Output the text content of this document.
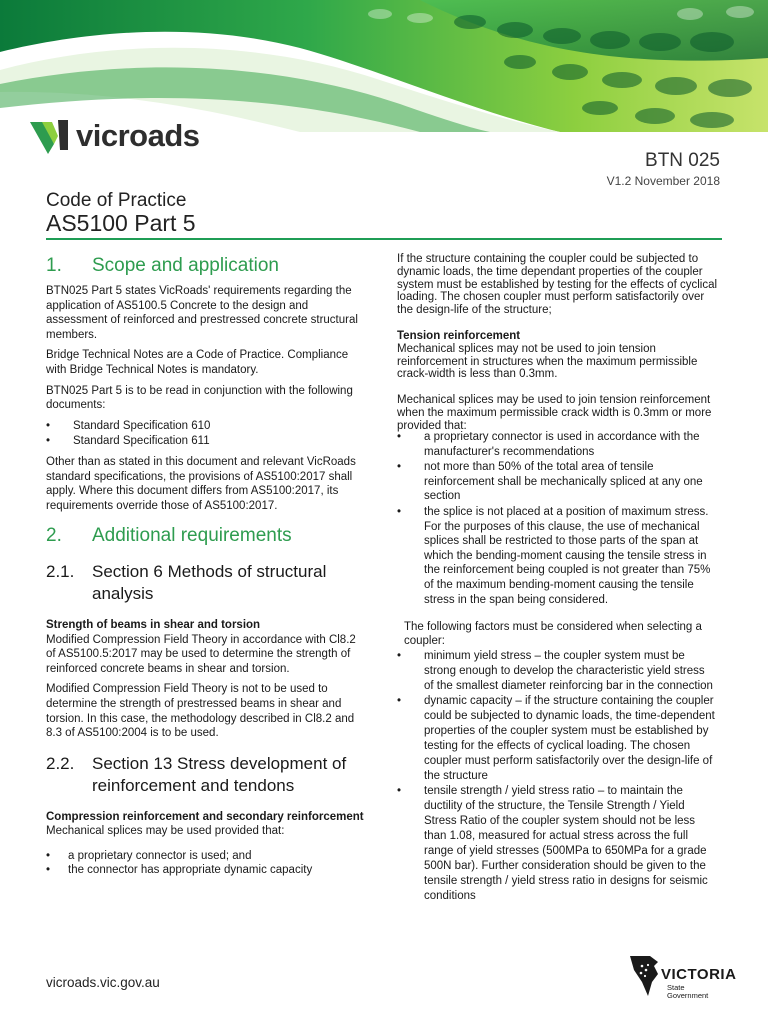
vicroads
BTN 025
V1.2 November 2018
Code of Practice
AS5100 Part 5
1. Scope and application

BTN025 Part 5 states VicRoads' requirements regarding the application of AS5100.5 Concrete to the design and assessment of reinforced and prestressed concrete structural members.

Bridge Technical Notes are a Code of Practice. Compliance with Bridge Technical Notes is mandatory.

BTN025 Part 5 is to be read in conjunction with the following documents:

• Standard Specification 610
• Standard Specification 611

Other than as stated in this document and relevant VicRoads standard specifications, the provisions of AS5100:2017 shall apply. Where this document differs from AS5100:2017, its requirements override those of AS5100:2017.

2. Additional requirements
2.1. Section 6 Methods of structural analysis

Strength of beams in shear and torsion

Modified Compression Field Theory in accordance with Cl8.2 of AS5100.5:2017 may be used to determine the strength of reinforced concrete beams in shear and torsion.

Modified Compression Field Theory is not to be used to determine the strength of prestressed beams in shear and torsion. In this case, the methodology described in Cl8.2 and 8.3 of AS5100:2004 is to be used.

2.2. Section 13 Stress development of reinforcement and tendons

Compression reinforcement and secondary reinforcement

Mechanical splices may be used provided that:

• a proprietary connector is used; and
• the connector has appropriate dynamic capacity

If the structure containing the coupler could be subjected to dynamic loads, the time dependant properties of the coupler system must be established by testing for the effects of cyclical loading. The chosen coupler must perform satisfactorily over the design-life of the structure;

Tension reinforcement

Mechanical splices may not be used to join tension reinforcement in structures when the maximum permissible crack-width is less than 0.3mm.

Mechanical splices may be used to join tension reinforcement when the maximum permissible crack width is 0.3mm or more provided that:

• a proprietary connector is used in accordance with the manufacturer's recommendations
• not more than 50% of the total area of tensile reinforcement shall be mechanically spliced at any one section
• the splice is not placed at a position of maximum stress. For the purposes of this clause, the use of mechanical splices shall be restricted to those parts of the span at which the bending-moment causing the tensile stress in the reinforcement being coupled is not greater than 75% of the maximum bending-moment causing the tensile stress in the span being considered.

The following factors must be considered when selecting a coupler:

• minimum yield stress – the coupler system must be strong enough to develop the characteristic yield stress of the smallest diameter reinforcing bar in the connection
• dynamic capacity – if the structure containing the coupler could be subjected to dynamic loads, the time-dependent properties of the coupler system must be established by testing for the effects of cyclical loading. The chosen coupler must perform satisfactorily over the design-life of the structure
• tensile strength / yield stress ratio – to maintain the ductility of the structure, the Tensile Strength / Yield Stress Ratio of the coupler system should not be less than 1.08, measured for actual stress across the full range of yield stresses (500MPa to 650MPa for a grade 500N bar). Further consideration should be given to the tensile strength / yield stress ratio in designs for seismic conditions
vicroads.vic.gov.au	VICTORIA
State
Government
